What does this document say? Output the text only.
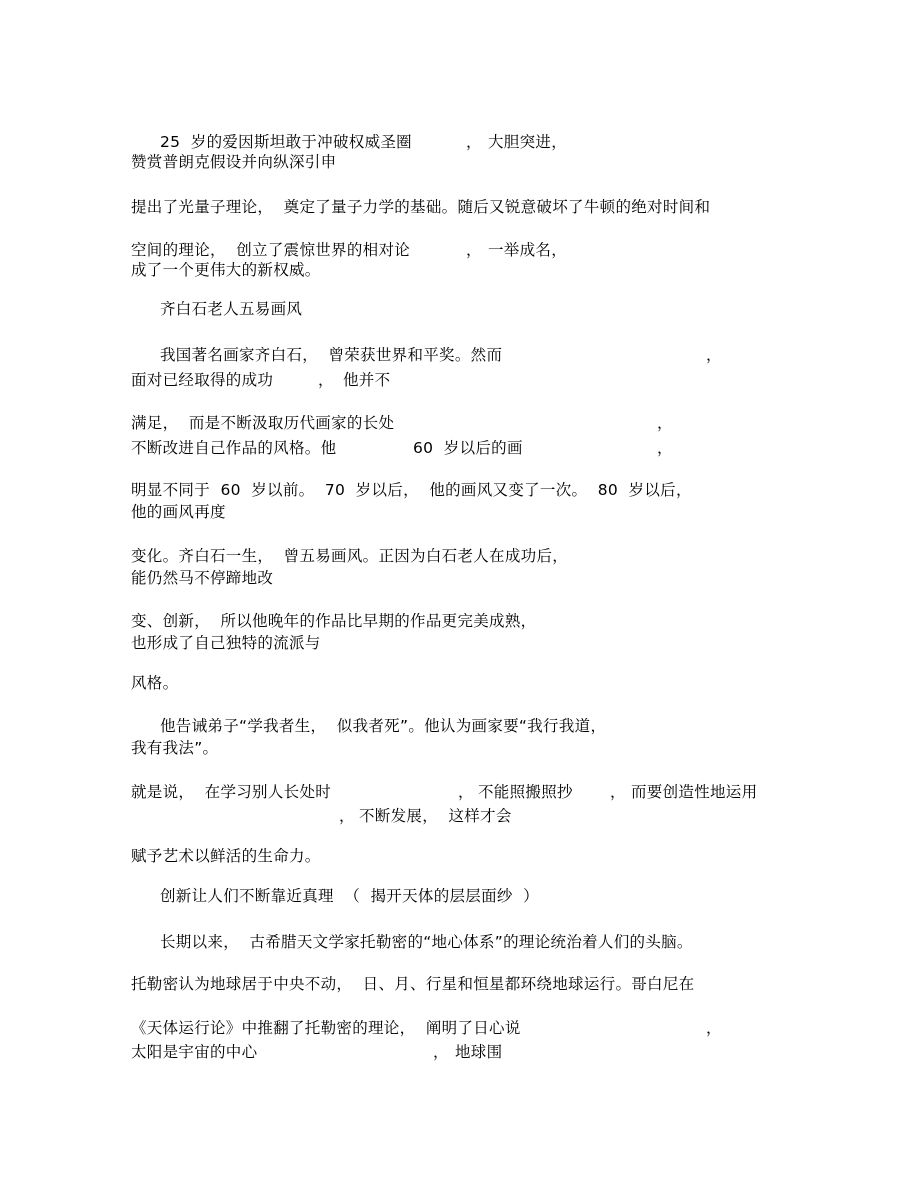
25  岁的爱因斯坦敢于冲破权威圣圈	， 大胆突进，
赞赏普朗克假设并向纵深引申
提出了光量子理论，  奠定了量子力学的基础。随后又锐意破坏了牛顿的绝对时间和
空间的理论，  创立了震惊世界的相对论	， 一举成名，
成了一个更伟大的新权威。
齐白石老人五易画风
我国著名画家齐白石，  曾荣获世界和平奖。然而	，
面对已经取得的成功	， 他并不
满足，  而是不断汲取历代画家的长处	，
不断改进自己作品的风格。他	60  岁以后的画	，
明显不同于  60  岁以前。  70  岁以后，  他的画风又变了一次。  80  岁以后，
他的画风再度
变化。齐白石一生，  曾五易画风。正因为白石老人在成功后，
能仍然马不停蹄地改
变、创新，  所以他晚年的作品比早期的作品更完美成熟，
也形成了自己独特的流派与
风格。
他告诫弟子“学我者生，  似我者死”。他认为画家要“我行我道，
我有我法”。
就是说，  在学习别人长处时	， 不能照搬照抄 ， 而要创造性地运用
， 不断发展，  这样才会
赋予艺术以鲜活的生命力。
创新让人们不断靠近真理  （  揭开天体的层层面纱  ）
长期以来，  古希腊天文学家托勒密的“地心体系”的理论统治着人们的头脑。
托勒密认为地球居于中央不动，  日、月、行星和恒星都环绕地球运行。哥白尼在
《天体运行论》中推翻了托勒密的理论，  阐明了日心说	，
太阳是宇宙的中心	， 地球围
